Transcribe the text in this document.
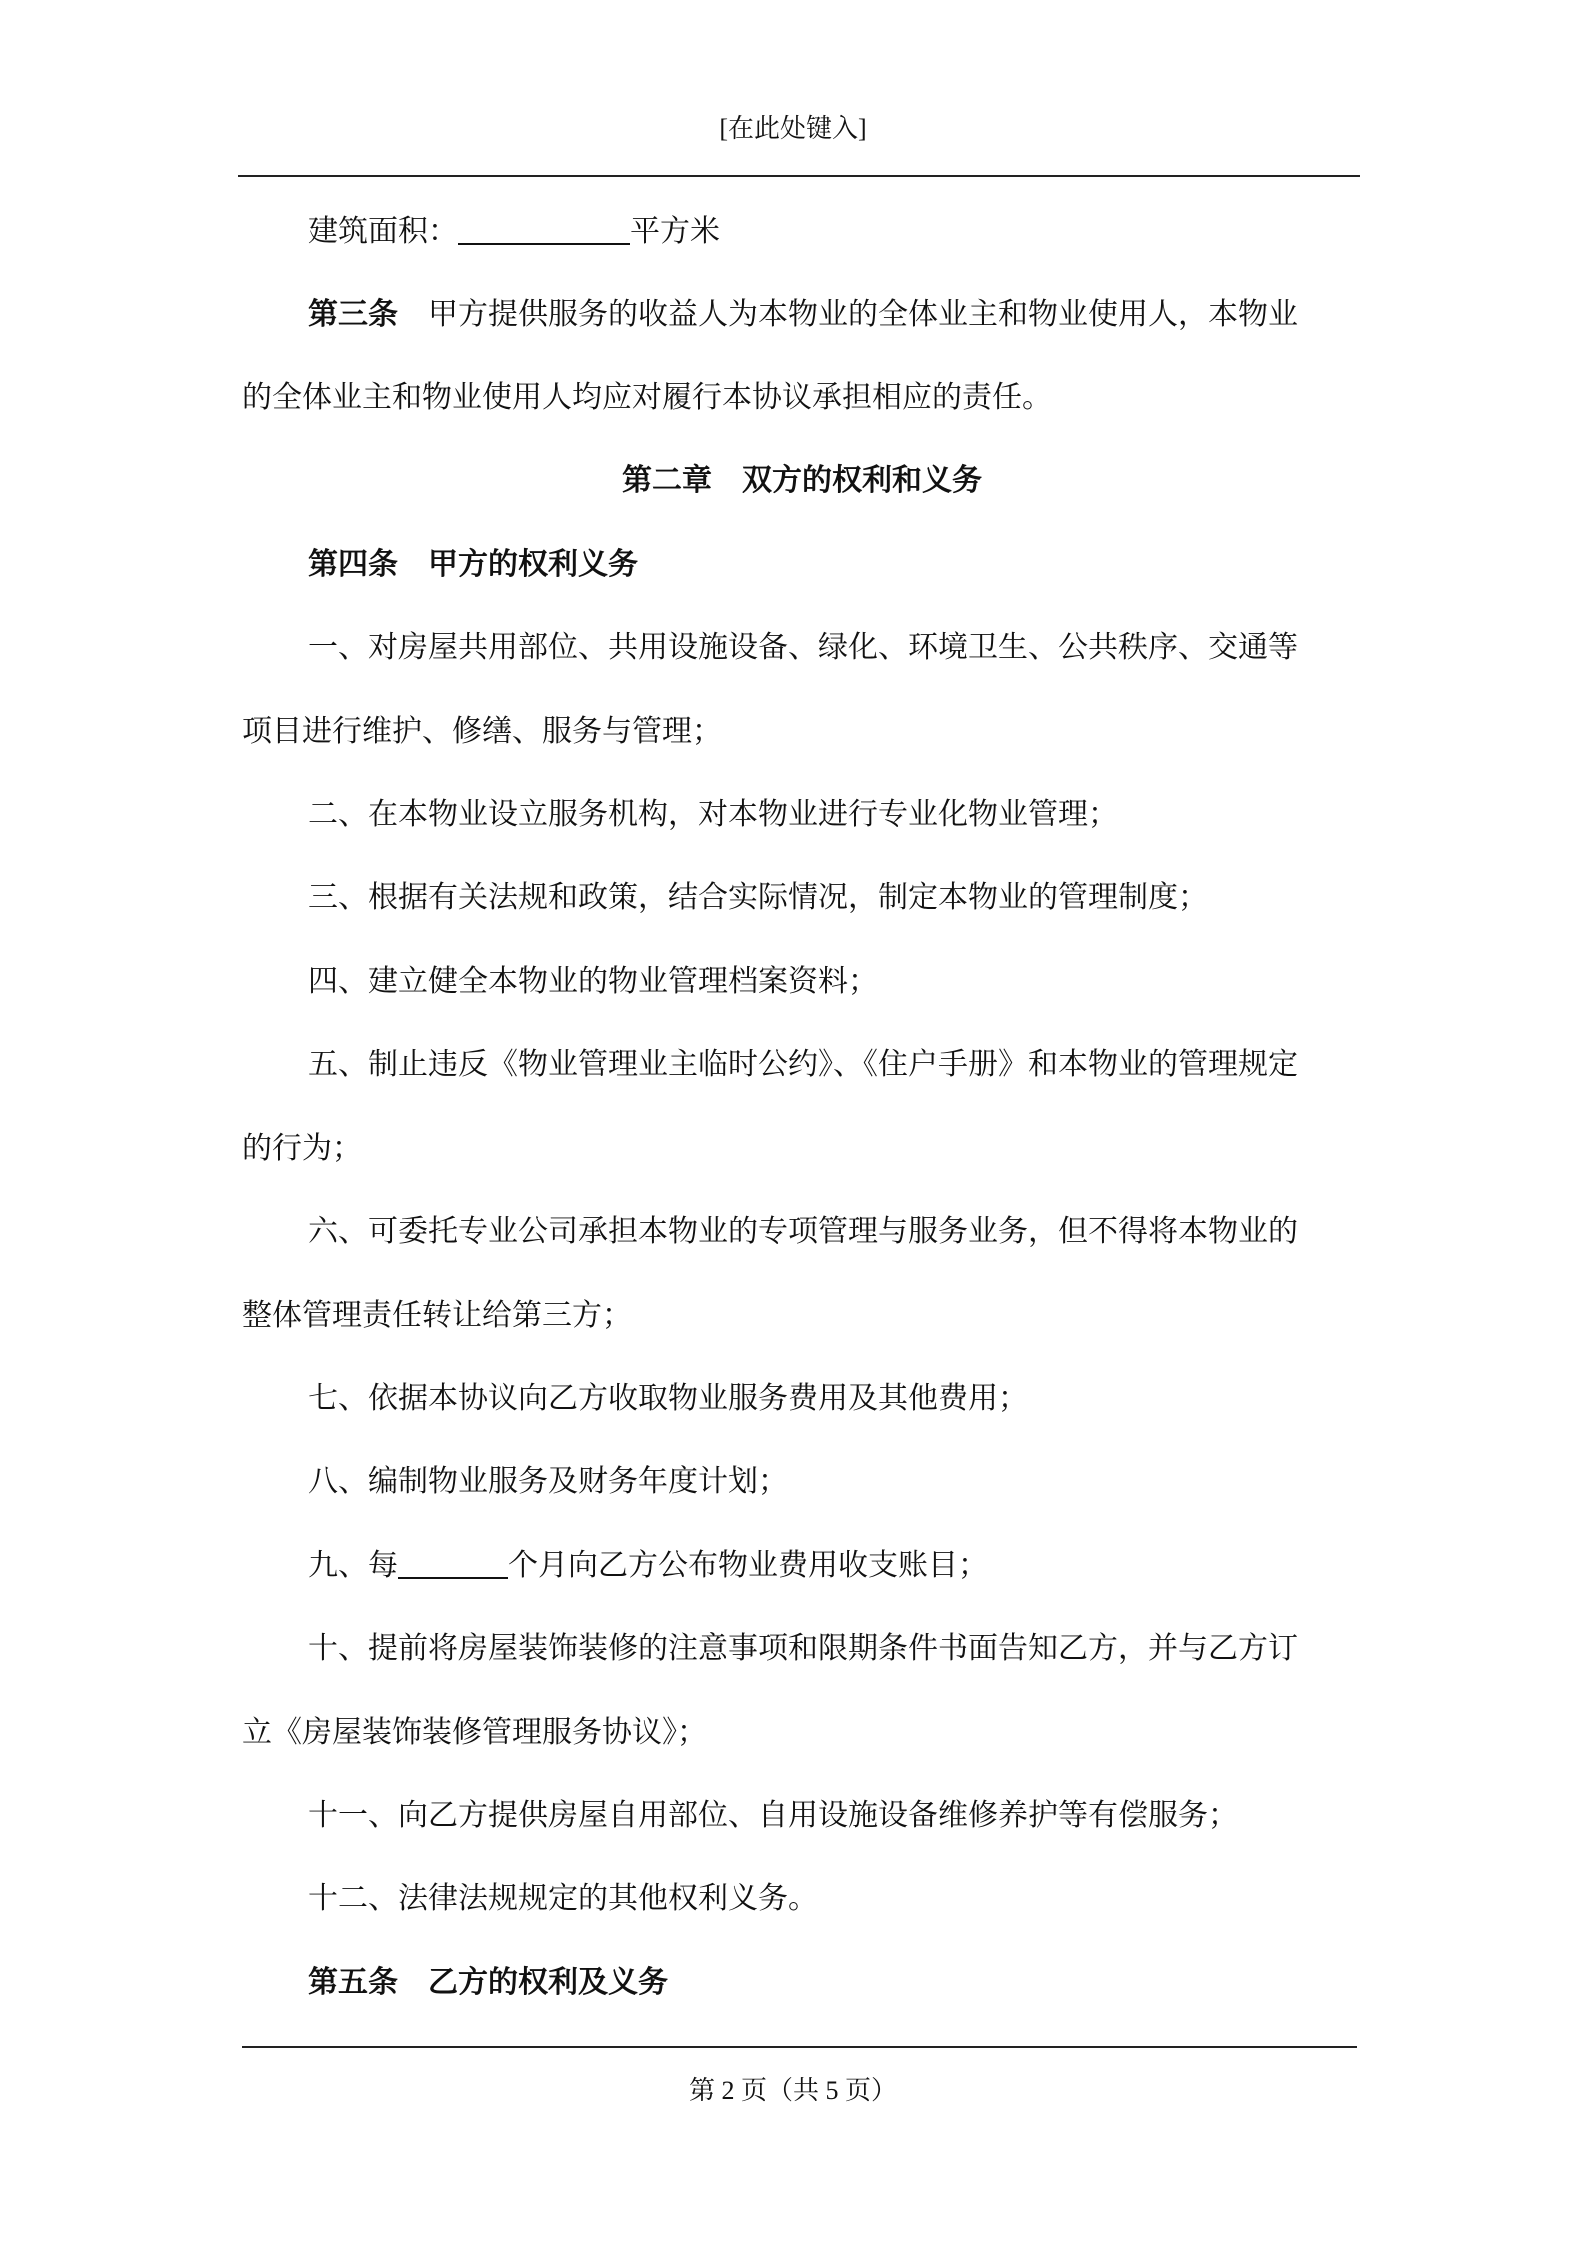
[在此处键入]
建筑面积：	平方米
第三条 甲方提供服务的收益人为本物业的全体业主和物业使用人，本物业
的全体业主和物业使用人均应对履行本协议承担相应的责任。
第二章　双方的权利和义务
第四条 甲方的权利义务
一、对房屋共用部位、共用设施设备、绿化、环境卫生、公共秩序、交通等
项目进行维护、修缮、服务与管理；
二、在本物业设立服务机构，对本物业进行专业化物业管理；
三、根据有关法规和政策，结合实际情况，制定本物业的管理制度；
四、建立健全本物业的物业管理档案资料；
五、制止违反《物业管理业主临时公约》、《住户手册》和本物业的管理规定
的行为；
六、可委托专业公司承担本物业的专项管理与服务业务，但不得将本物业的
整体管理责任转让给第三方；
七、依据本协议向乙方收取物业服务费用及其他费用；
八、编制物业服务及财务年度计划；
九、每	个月向乙方公布物业费用收支账目；
十、提前将房屋装饰装修的注意事项和限期条件书面告知乙方，并与乙方订
立《房屋装饰装修管理服务协议》；
十一、向乙方提供房屋自用部位、自用设施设备维修养护等有偿服务；
十二、法律法规规定的其他权利义务。
第五条 乙方的权利及义务
第 2 页（共 5 页）
